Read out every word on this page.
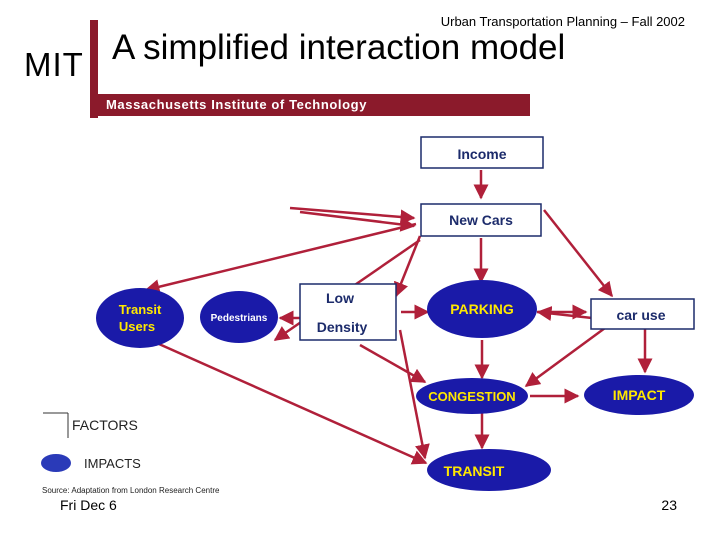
Urban Transportation Planning – Fall 2002
MIT A simplified interaction model
Massachusetts Institute of Technology
Income
New Cars
Low
Density
car use
Transit
Users
Pedestrians
PARKING
CONGESTION	IMPACT
TRANSIT
FACTORS
IMPACTS
Source: Adaptation from London Research Centre
Fri Dec 6	23
